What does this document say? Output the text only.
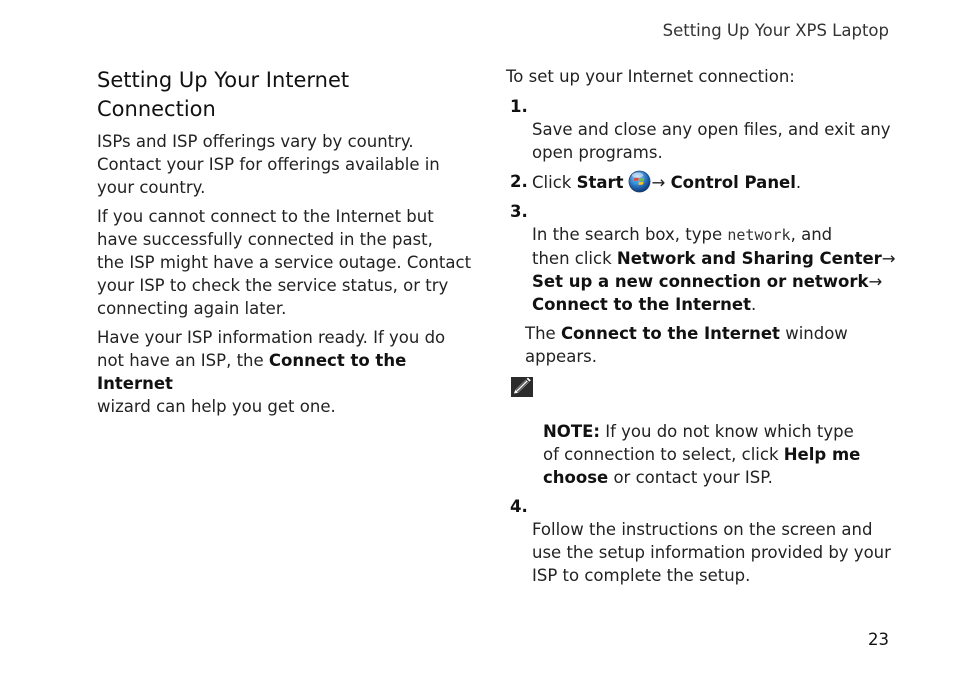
Setting Up Your XPS Laptop
Setting Up Your Internet
Connection

ISPs and ISP offerings vary by country.
Contact your ISP for offerings available in
your country.

If you cannot connect to the Internet but
have successfully connected in the past,
the ISP might have a service outage. Contact
your ISP to check the service status, or try
connecting again later.

Have your ISP information ready. If you do
not have an ISP, the Connect to the Internet
wizard can help you get one.

To set up your Internet connection:

1.
Save and close any open files, and exit any
open programs.

2. Click Start → Control Panel.

3.
In the search box, type network, and
then click Network and Sharing Center→
Set up a new connection or network→
Connect to the Internet.

The Connect to the Internet window
appears.

NOTE: If you do not know which type
of connection to select, click Help me
choose or contact your ISP.

4.
Follow the instructions on the screen and
use the setup information provided by your
ISP to complete the setup.

23
